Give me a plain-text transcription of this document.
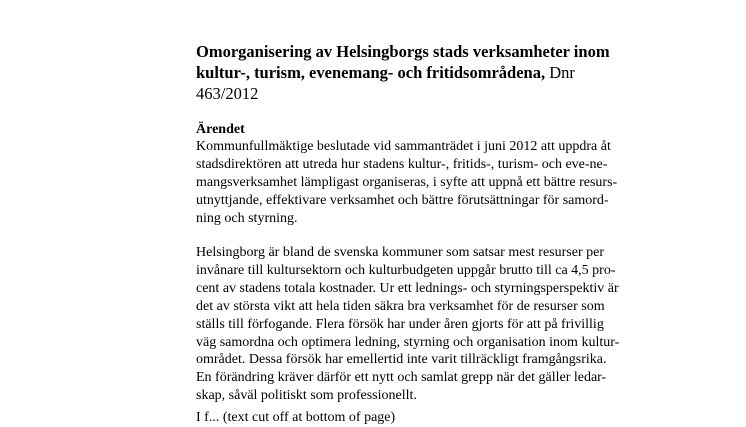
Omorganisering av Helsingborgs stads verksamheter inom
kultur-, turism, evenemang- och fritidsområdena, Dnr
463/2012
Ärendet
Kommunfullmäktige beslutade vid sammanträdet i juni 2012 att uppdra åt
stadsdirektören att utreda hur stadens kultur-, fritids-, turism- och eve-ne-
mangsverksamhet lämpligast organiseras, i syfte att uppnå ett bättre resurs-
utnyttjande, effektivare verksamhet och bättre förutsättningar för samord-
ning och styrning.
Helsingborg är bland de svenska kommuner som satsar mest resurser per
invånare till kultursektorn och kulturbudgeten uppgår brutto till ca 4,5 pro-
cent av stadens totala kostnader. Ur ett lednings- och styrningsperspektiv är
det av största vikt att hela tiden säkra bra verksamhet för de resurser som
ställs till förfogande. Flera försök har under åren gjorts för att på frivillig
väg samordna och optimera ledning, styrning och organisation inom kultur-
området. Dessa försök har emellertid inte varit tillräckligt framgångsrika.
En förändring kräver därför ett nytt och samlat grepp när det gäller ledar-
skap, såväl politiskt som professionellt.
I f... (text cut off at bottom of page)
